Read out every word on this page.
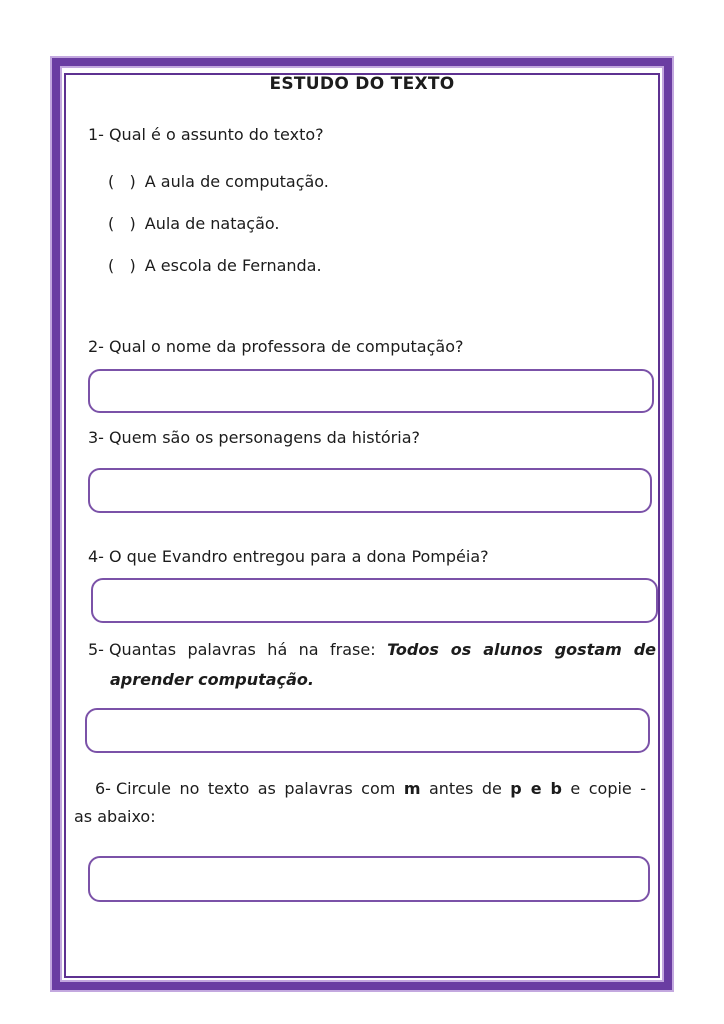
ESTUDO DO TEXTO
1- Qual é o assunto do texto?
(   ) A aula de computação.
(   ) Aula de natação.
(   ) A escola de Fernanda.
2- Qual o nome da professora de computação?
3- Quem são os personagens da história?
4- O que Evandro entregou para a dona Pompéia?
5- Quantas palavras há na frase: Todos os alunos gostam de
aprender computação.
6- Circule no texto as palavras com m antes de p e b e copie -
as abaixo:
